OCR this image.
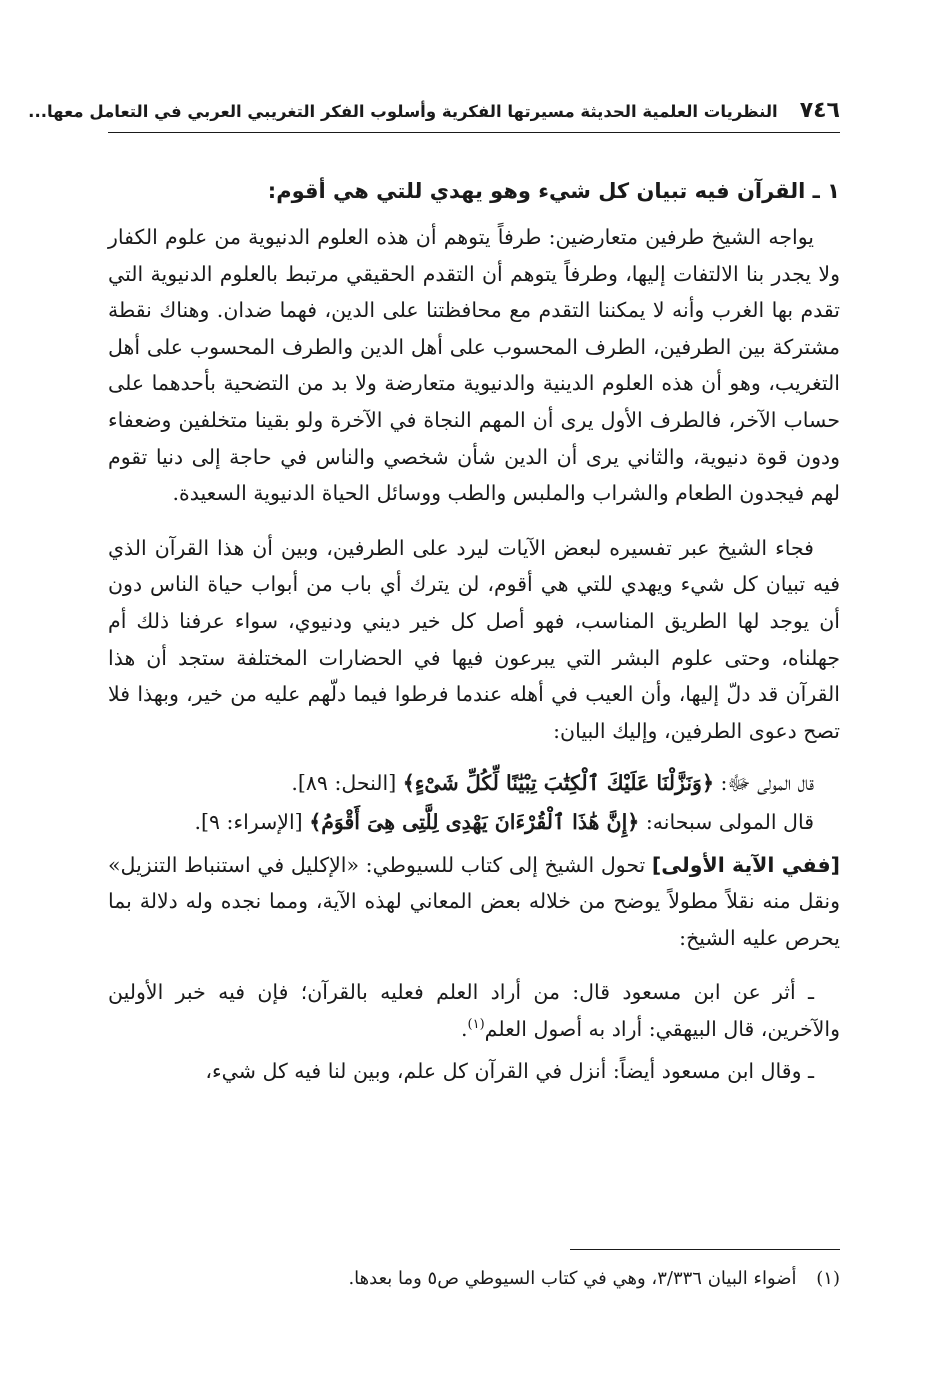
٧٤٦
النظريات العلمية الحديثة مسيرتها الفكرية وأسلوب الفكر التغريبي العربي في التعامل معها...
١ ـ القرآن فيه تبيان كل شيء وهو يهدي للتي هي أقوم:

يواجه الشيخ طرفين متعارضين: طرفاً يتوهم أن هذه العلوم الدنيوية من علوم الكفار ولا يجدر بنا الالتفات إليها، وطرفاً يتوهم أن التقدم الحقيقي مرتبط بالعلوم الدنيوية التي تقدم بها الغرب وأنه لا يمكننا التقدم مع محافظتنا على الدين، فهما ضدان. وهناك نقطة مشتركة بين الطرفين، الطرف المحسوب على أهل الدين والطرف المحسوب على أهل التغريب، وهو أن هذه العلوم الدينية والدنيوية متعارضة ولا بد من التضحية بأحدهما على حساب الآخر، فالطرف الأول يرى أن المهم النجاة في الآخرة ولو بقينا متخلفين وضعفاء ودون قوة دنيوية، والثاني يرى أن الدين شأن شخصي والناس في حاجة إلى دنيا تقوم لهم فيجدون الطعام والشراب والملبس والطب ووسائل الحياة الدنيوية السعيدة.

فجاء الشيخ عبر تفسيره لبعض الآيات ليرد على الطرفين، وبين أن هذا القرآن الذي فيه تبيان كل شيء ويهدي للتي هي أقوم، لن يترك أي باب من أبواب حياة الناس دون أن يوجد لها الطريق المناسب، فهو أصل كل خير ديني ودنيوي، سواء عرفنا ذلك أم جهلناه، وحتى علوم البشر التي يبرعون فيها في الحضارات المختلفة ستجد أن هذا القرآن قد دلّ إليها، وأن العيب في أهله عندما فرطوا فيما دلّهم عليه من خير، وبهذا فلا تصح دعوى الطرفين، وإليك البيان:

قال المولى ﷻ: ﴿وَنَزَّلْنَا عَلَيْكَ ٱلْكِتَٰبَ تِبْيَٰنًا لِّكُلِّ شَىْءٍ﴾ [النحل: ٨٩].

قال المولى سبحانه: ﴿إِنَّ هَٰذَا ٱلْقُرْءَانَ يَهْدِى لِلَّتِى هِىَ أَقْوَمُ﴾ [الإسراء: ٩].

[ففي الآية الأولى] تحول الشيخ إلى كتاب للسيوطي: «الإكليل في استنباط التنزيل» ونقل منه نقلاً مطولاً يوضح من خلاله بعض المعاني لهذه الآية، ومما نجده وله دلالة بما يحرص عليه الشيخ:

ـ أثر عن ابن مسعود قال: من أراد العلم فعليه بالقرآن؛ فإن فيه خبر الأولين والآخرين، قال البيهقي: أراد به أصول العلم$^{(١)}$.

ـ وقال ابن مسعود أيضاً: أنزل في القرآن كل علم، وبين لنا فيه كل شيء،

(١) أضواء البيان ٣/٣٣٦، وهي في كتاب السيوطي ص٥ وما بعدها.
